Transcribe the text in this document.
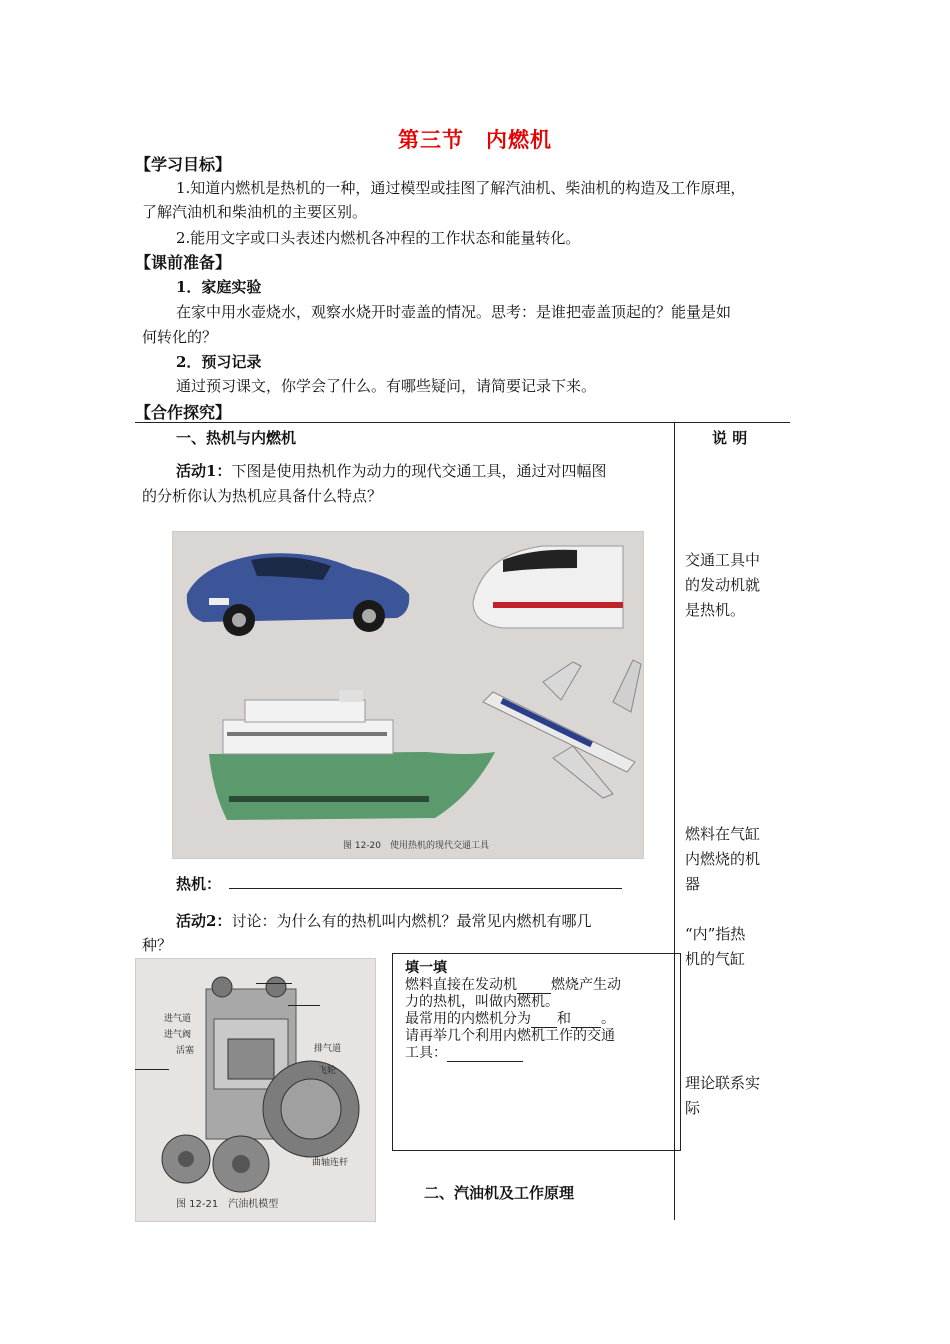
第三节　内燃机
【学习目标】
1.知道内燃机是热机的一种，通过模型或挂图了解汽油机、柴油机的构造及工作原理，
了解汽油机和柴油机的主要区别。
2.能用文字或口头表述内燃机各冲程的工作状态和能量转化。
【课前准备】
1．家庭实验
在家中用水壶烧水，观察水烧开时壶盖的情况。思考：是谁把壶盖顶起的？能量是如
何转化的？
2．预习记录
通过预习课文，你学会了什么。有哪些疑问，请简要记录下来。
【合作探究】
一、热机与内燃机	说 明
活动1：下图是使用热机作为动力的现代交通工具，通过对四幅图
的分析你认为热机应具备什么特点？
图 12-20　使用热机的现代交通工具
热机：
活动2：讨论：为什么有的热机叫内燃机？最常见内燃机有哪几
种？
进气道
进气阀
活塞	排气道
飞轮
曲轴连杆
图 12-21　汽油机模型
填一填
燃料直接在发动机 燃烧产生动
力的热机，叫做内燃机。
最常用的内燃机分为 和 。
请再举几个利用内燃机工作的交通
工具：
二、汽油机及工作原理
交通工具中
的发动机就
是热机。
燃料在气缸
内燃烧的机
器
“内”指热
机的气缸
理论联系实
际
